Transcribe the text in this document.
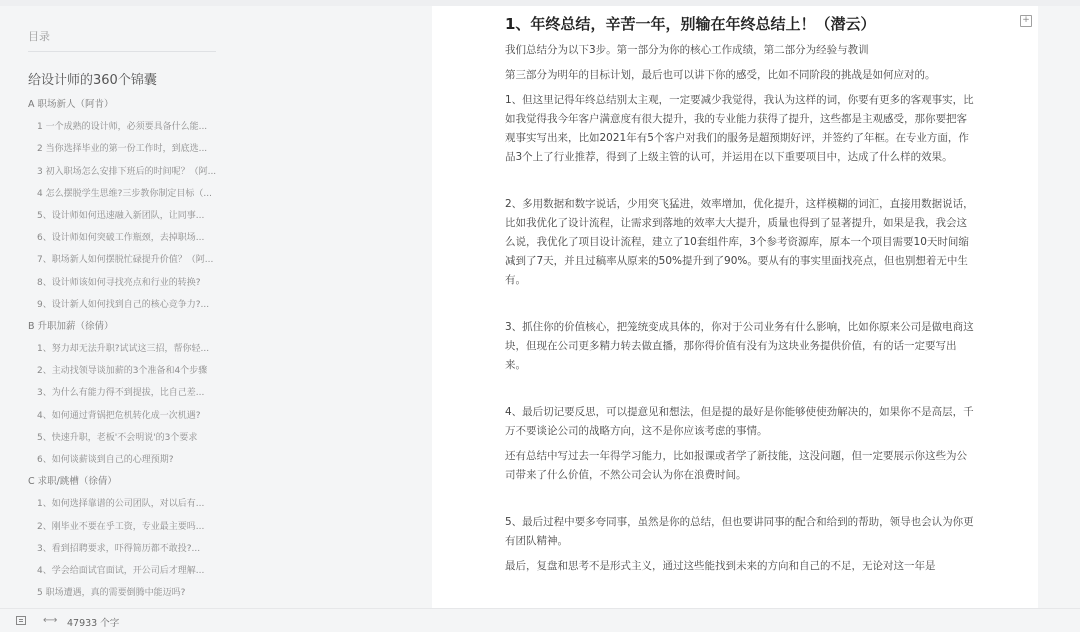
目录
给设计师的360个锦囊
A 职场新人（阿肯）
1 一个成熟的设计师，必须要具备什么能...
2 当你选择毕业的第一份工作时，到底选...
3 初入职场怎么安排下班后的时间呢？（阿...
4 怎么摆脱学生思维?三步教你制定目标（...
5、设计师如何迅速融入新团队，让同事...
6、设计师如何突破工作瓶颈，去掉职场...
7、职场新人如何摆脱忙碌提升价值？（阿...
8、设计师该如何寻找亮点和行业的转换?
9、设计新人如何找到自己的核心竞争力?...
B 升职加薪（徐倩）
1、努力却无法升职?试试这三招，帮你轻...
2、主动找领导谈加薪的3个准备和4个步骤
3、为什么有能力得不到提拔，比自己差...
4、如何通过背锅把危机转化成一次机遇?
5、快速升职，老板'不会明说'的3个要求
6、如何谈薪谈到自己的心理预期?
C 求职/跳槽（徐倩）
1、如何选择靠谱的公司团队，对以后有...
2、刚毕业不要在乎工资，专业最主要吗...
3、看到招聘要求，吓得简历都不敢投?...
4、学会给面试官面试，开公司后才理解...
5 职场遭遇，真的需要倒腾中能迈吗?
1、年终总结，辛苦一年，别输在年终总结上！（潜云）

我们总结分为以下3步。第一部分为你的核心工作成绩，第二部分为经验与教训

第三部分为明年的目标计划，最后也可以讲下你的感受，比如不同阶段的挑战是如何应对的。

1、但这里记得年终总结别太主观，一定要减少我觉得，我认为这样的词，你要有更多的客观事实，比如我觉得我今年客户满意度有很大提升，我的专业能力获得了提升，这些都是主观感受，那你要把客观事实写出来，比如2021年有5个客户对我们的服务是超预期好评，并签约了年框。在专业方面，作品3个上了行业推荐，得到了上级主管的认可，并运用在以下重要项目中，达成了什么样的效果。

2、多用数据和数字说话，少用突飞猛进，效率增加，优化提升，这样模糊的词汇，直接用数据说话，比如我优化了设计流程，让需求到落地的效率大大提升，质量也得到了显著提升，如果是我，我会这么说，我优化了项目设计流程，建立了10套组件库，3个参考资源库，原本一个项目需要10天时间缩减到了7天，并且过稿率从原来的50%提升到了90%。要从有的事实里面找亮点，但也别想着无中生有。

3、抓住你的价值核心，把笼统变成具体的，你对于公司业务有什么影响，比如你原来公司是做电商这块，但现在公司更多精力转去做直播，那你得价值有没有为这块业务提供价值，有的话一定要写出来。

4、最后切记要反思，可以提意见和想法，但是提的最好是你能够使使劲解决的，如果你不是高层，千万不要谈论公司的战略方向，这不是你应该考虑的事情。

还有总结中写过去一年得学习能力，比如报课或者学了新技能，这没问题，但一定要展示你这些为公司带来了什么价值，不然公司会认为你在浪费时间。

5、最后过程中要多夸同事，虽然是你的总结，但也要讲同事的配合和给到的帮助，领导也会认为你更有团队精神。

最后，复盘和思考不是形式主义，通过这些能找到未来的方向和自己的不足，无论对这一年是

+
⟷ 47933 个字
